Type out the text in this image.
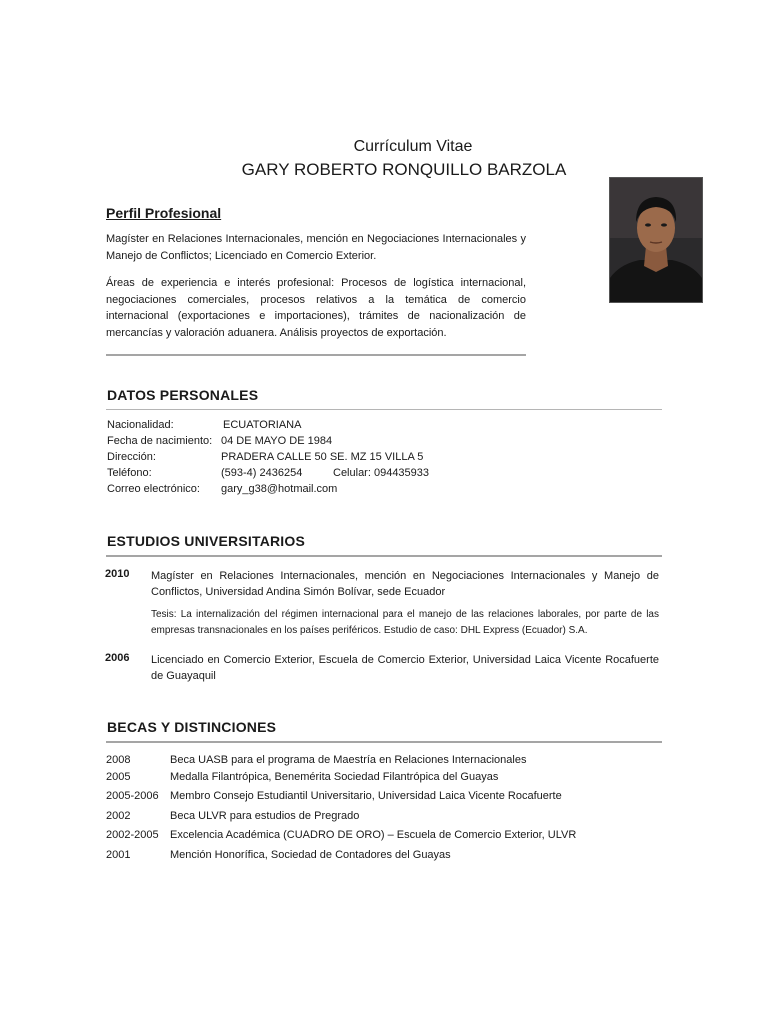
Currículum Vitae
GARY ROBERTO RONQUILLO BARZOLA
Perfil Profesional

Magíster en Relaciones Internacionales, mención en Negociaciones Internacionales y Manejo de Conflictos; Licenciado en Comercio Exterior.

Áreas de experiencia e interés profesional: Procesos de logística internacional, negociaciones comerciales, procesos relativos a la temática de comercio internacional (exportaciones e importaciones), trámites de nacionalización de mercancías y valoración aduanera. Análisis proyectos de exportación.

DATOS PERSONALES
Nacionalidad:	ECUATORIANA
Fecha de nacimiento: 04 DE MAYO DE 1984
Dirección:	PRADERA CALLE 50 SE. MZ 15 VILLA 5
Teléfono:	(593-4) 2436254	Celular: 094435933
Correo electrónico: gary_g38@hotmail.com
ESTUDIOS UNIVERSITARIOS
2010 Magíster en Relaciones Internacionales, mención en Negociaciones Internacionales y Manejo de Conflictos, Universidad Andina Simón Bolívar, sede Ecuador
Tesis: La internalización del régimen internacional para el manejo de las relaciones laborales, por parte de las empresas transnacionales en los países periféricos. Estudio de caso: DHL Express (Ecuador) S.A.
2006 Licenciado en Comercio Exterior, Escuela de Comercio Exterior, Universidad Laica Vicente Rocafuerte de Guayaquil
BECAS Y DISTINCIONES
2008	Beca UASB para el programa de Maestría en Relaciones Internacionales
2005	Medalla Filantrópica, Benemérita Sociedad Filantrópica del Guayas
2005-2006 Membro Consejo Estudiantil Universitario, Universidad Laica Vicente Rocafuerte
2002	Beca ULVR para estudios de Pregrado
2002-2005 Excelencia Académica (CUADRO DE ORO) – Escuela de Comercio Exterior, ULVR
2001	Mención Honorífica, Sociedad de Contadores del Guayas
